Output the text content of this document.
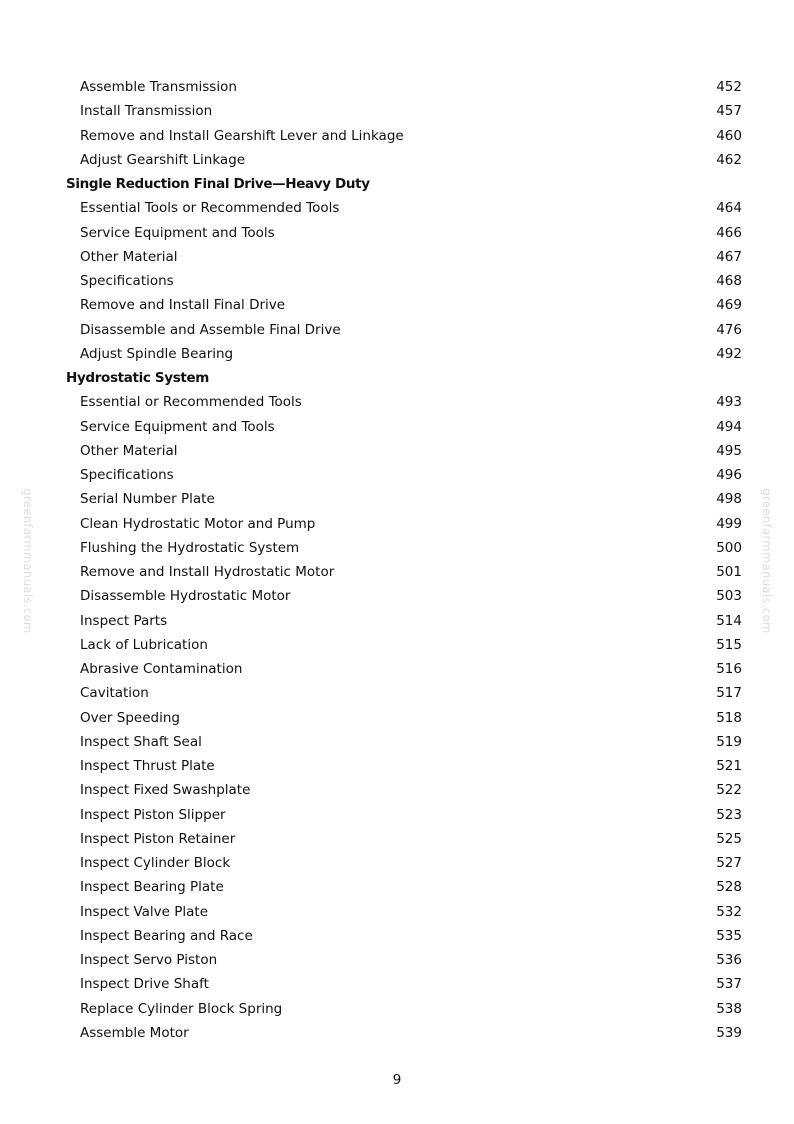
greenfarmmanuals.com	greenfarmmanuals.com
Assemble Transmission	452
Install Transmission	457
Remove and Install Gearshift Lever and Linkage	460
Adjust Gearshift Linkage	462
Single Reduction Final Drive—Heavy Duty
Essential Tools or Recommended Tools	464
Service Equipment and Tools	466
Other Material	467
Specifications	468
Remove and Install Final Drive	469
Disassemble and Assemble Final Drive	476
Adjust Spindle Bearing	492
Hydrostatic System
Essential or Recommended Tools	493
Service Equipment and Tools	494
Other Material	495
Specifications	496
Serial Number Plate	498
Clean Hydrostatic Motor and Pump	499
Flushing the Hydrostatic System	500
Remove and Install Hydrostatic Motor	501
Disassemble Hydrostatic Motor	503
Inspect Parts	514
Lack of Lubrication	515
Abrasive Contamination	516
Cavitation	517
Over Speeding	518
Inspect Shaft Seal	519
Inspect Thrust Plate	521
Inspect Fixed Swashplate	522
Inspect Piston Slipper	523
Inspect Piston Retainer	525
Inspect Cylinder Block	527
Inspect Bearing Plate	528
Inspect Valve Plate	532
Inspect Bearing and Race	535
Inspect Servo Piston	536
Inspect Drive Shaft	537
Replace Cylinder Block Spring	538
Assemble Motor	539
9
